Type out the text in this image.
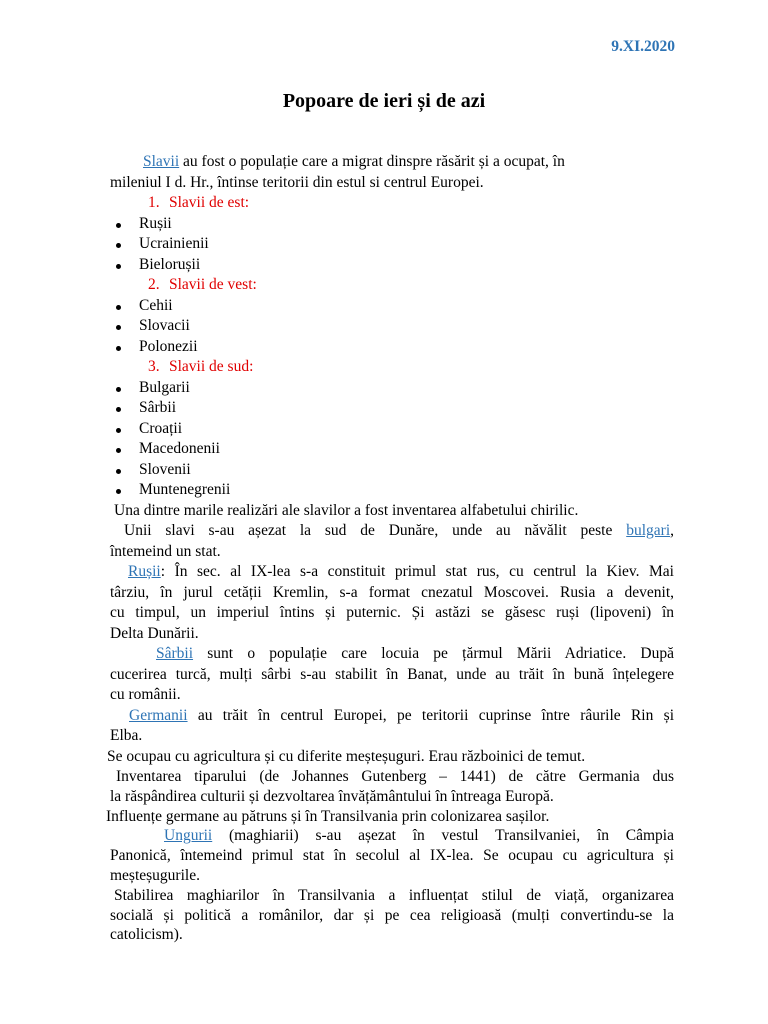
9.XI.2020
Popoare de ieri și de azi
Slavii au fost o populație care a migrat dinspre răsărit și a ocupat, în
mileniul I d. Hr., întinse teritorii din estul si centrul Europei.
1. Slavii de est:
Rușii
Ucrainienii
Bielorușii
2. Slavii de vest:
Cehii
Slovacii
Polonezii
3. Slavii de sud:
Bulgarii
Sârbii
Croații
Macedonenii
Slovenii
Muntenegrenii
Una dintre marile realizări ale slavilor a fost inventarea alfabetului chirilic.
Unii slavi s-au așezat la sud de Dunăre, unde au năvălit peste bulgari,
întemeind un stat.
Rușii: În sec. al IX-lea s-a constituit primul stat rus, cu centrul la Kiev. Mai
târziu, în jurul cetății Kremlin, s-a format cnezatul Moscovei. Rusia a devenit,
cu timpul, un imperiul întins și puternic. Și astăzi se găsesc ruși (lipoveni) în
Delta Dunării.
Sârbii sunt o populație care locuia pe țărmul Mării Adriatice. După
cucerirea turcă, mulți sârbi s-au stabilit în Banat, unde au trăit în bună înțelegere
cu românii.
Germanii au trăit în centrul Europei, pe teritorii cuprinse între râurile Rin și
Elba.
Se ocupau cu agricultura și cu diferite meșteșuguri. Erau războinici de temut.
Inventarea tiparului (de Johannes Gutenberg – 1441) de către Germania dus
la răspândirea culturii și dezvoltarea învățământului în întreaga Europă.
Influențe germane au pătruns și în Transilvania prin colonizarea sașilor.
Ungurii (maghiarii) s-au așezat în vestul Transilvaniei, în Câmpia
Panonică, întemeind primul stat în secolul al IX-lea. Se ocupau cu agricultura și
meșteșugurile.
Stabilirea maghiarilor în Transilvania a influențat stilul de viață, organizarea
socială și politică a românilor, dar și pe cea religioasă (mulți convertindu-se la
catolicism).
